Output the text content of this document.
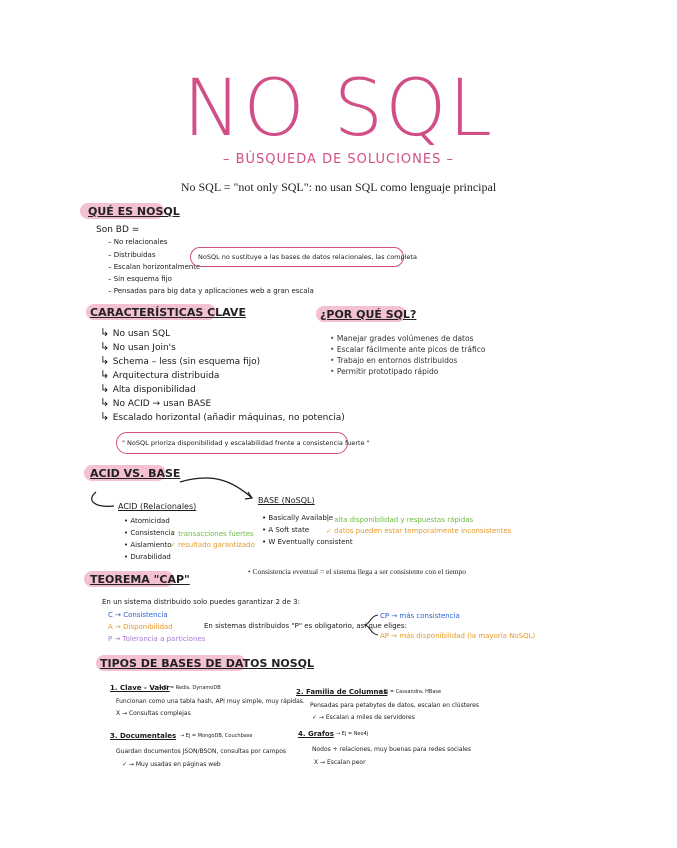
NO SQL
– BÚSQUEDA DE SOLUCIONES –
No SQL = "not only SQL": no usan SQL como lenguaje principal
QUÉ ES NOSQL
Son BD =
– No relacionales
– Distribuidas
– Escalan horizontalmente
– Sin esquema fijo
– Pensadas para big data y aplicaciones web a gran escala
NoSQL no sustituye a las bases de datos relacionales, las completa
CARACTERÍSTICAS CLAVE
↳ No usan SQL
↳ No usan Join's
↳ Schema – less (sin esquema fijo)
↳ Arquitectura distribuida
↳ Alta disponibilidad
↳ No ACID → usan BASE
↳ Escalado horizontal (añadir máquinas, no potencia)
" NoSQL prioriza disponibilidad y escalabilidad frente a consistencia fuerte "
¿POR QUÉ SQL?
• Manejar grades volúmenes de datos
• Escalar fácilmente ante picos de tráfico
• Trabajo en entornos distribuidos
• Permitir prototipado rápido
ACID VS. BASE
ACID (Relacionales)
• Atomicidad
• Consistencia
• Aislamiento
• Durabilidad
✓ transacciones fuertes
✓ resultado garantizado
BASE (NoSQL)
• Basically Available
• A Soft state
• W Eventually consistent
✓ alta disponibilidad y respuestas rápidas
✓ datos pueden estar temporalmente inconsistentes
• Consistencia eventual = el sistema llega a ser consistente con el tiempo
TEOREMA "CAP"
En un sistema distribuido solo puedes garantizar 2 de 3:
C → Consistencia
A → Disponibilidad
P → Tolerancia a particiones
En sistemas distribuidos "P" es obligatorio, así que eliges:
CP → más consistencia
AP → más disponibilidad (la mayoría NoSQL)
TIPOS DE BASES DE DATOS NOSQL
1. Clave - Valor
→ Ej = Redis, DynamoDB
Funcionan como una tabla hash, API muy simple, muy rápidas.
X → Consultas complejas
2. Familia de Columnas
→ Ej = Cassandra, HBase
Pensadas para petabytes de datos, escalan en clústeres
✓ → Escalan a miles de servidores
3. Documentales → Ej = MongoDB, Couchbase
Guardan documentos JSON/BSON, consultas por campos
✓ → Muy usadas en páginas web
4. Grafos → Ej = Neo4j
Nodos + relaciones, muy buenas para redes sociales
X → Escalan peor
